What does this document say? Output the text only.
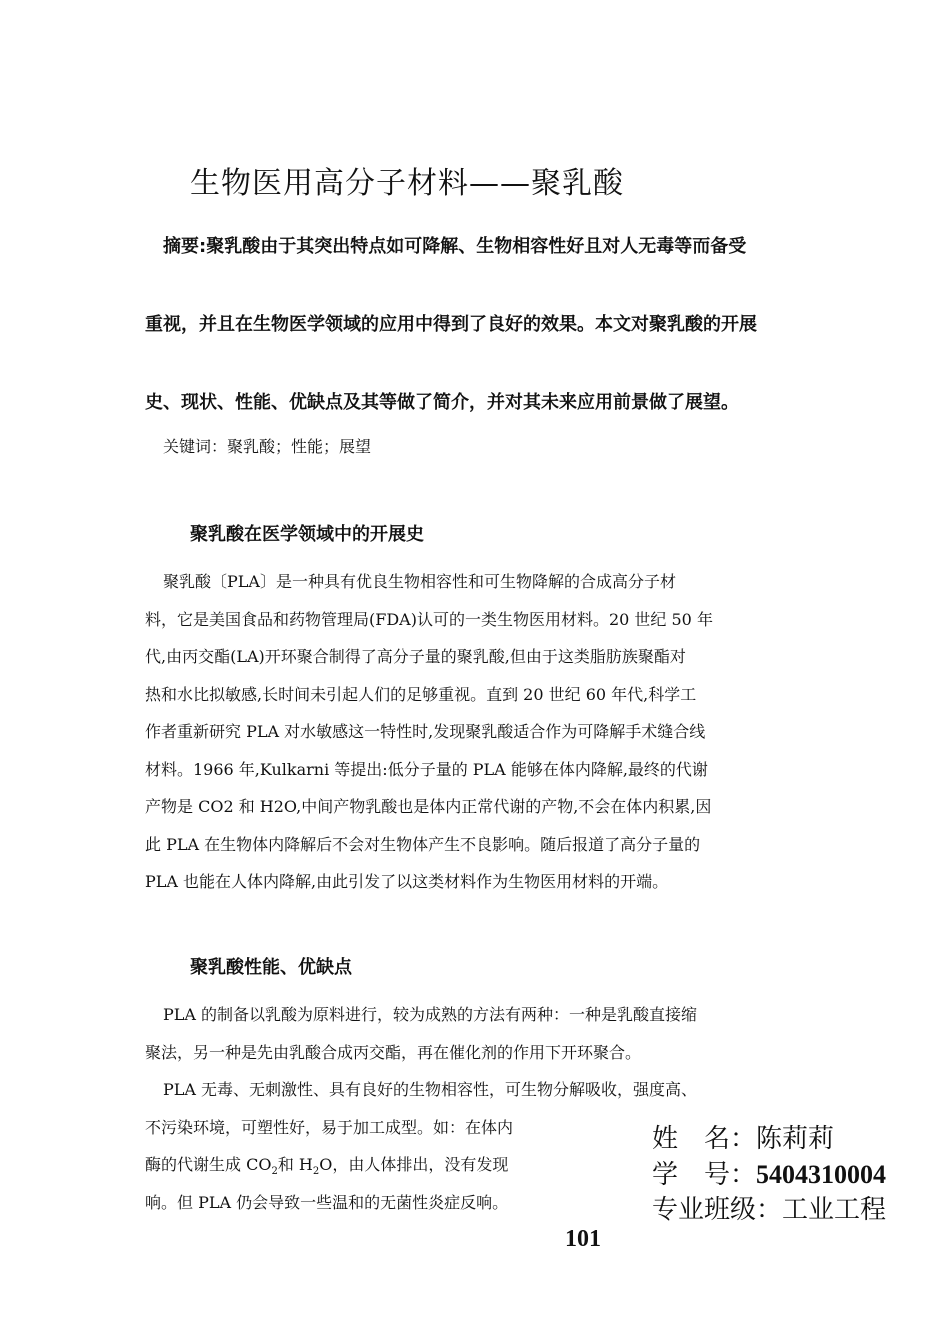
生物医用高分子材料——聚乳酸
摘要:聚乳酸由于其突出特点如可降解、生物相容性好且对人无毒等而备受
重视，并且在生物医学领域的应用中得到了良好的效果。本文对聚乳酸的开展
史、现状、性能、优缺点及其等做了简介，并对其未来应用前景做了展望。
关键词：聚乳酸；性能；展望
聚乳酸在医学领域中的开展史
聚乳酸〔PLA〕是一种具有优良生物相容性和可生物降解的合成高分子材
料，它是美国食品和药物管理局(FDA)认可的一类生物医用材料。20 世纪 50 年
代,由丙交酯(LA)开环聚合制得了高分子量的聚乳酸,但由于这类脂肪族聚酯对
热和水比拟敏感,长时间未引起人们的足够重视。直到 20 世纪 60 年代,科学工
作者重新研究 PLA 对水敏感这一特性时,发现聚乳酸适合作为可降解手术缝合线
材料。1966 年,Kulkarni 等提出:低分子量的 PLA 能够在体内降解,最终的代谢
产物是 CO2 和 H2O,中间产物乳酸也是体内正常代谢的产物,不会在体内积累,因
此 PLA 在生物体内降解后不会对生物体产生不良影响。随后报道了高分子量的
PLA 也能在人体内降解,由此引发了以这类材料作为生物医用材料的开端。
聚乳酸性能、优缺点
PLA 的制备以乳酸为原料进行，较为成熟的方法有两种：一种是乳酸直接缩
聚法，另一种是先由乳酸合成丙交酯，再在催化剂的作用下开环聚合。
PLA 无毒、无刺激性、具有良好的生物相容性，可生物分解吸收，强度高、
不污染环境，可塑性好，易于加工成型。如：在体内
酶的代谢生成 $CO_2$和 $H_2O$，由人体排出，没有发现
响。但 PLA 仍会导致一些温和的无菌性炎症反响。
姓　名：陈莉莉
学　号：5404310004
专业班级：工业工程
101
